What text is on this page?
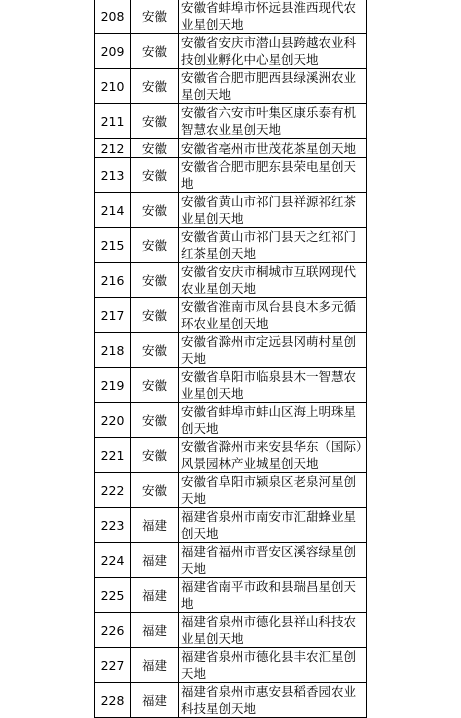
208	安徽	安徽省蚌埠市怀远县淮西现代农业星创天地
209	安徽	安徽省安庆市潜山县跨越农业科技创业孵化中心星创天地
210	安徽	安徽省合肥市肥西县绿溪洲农业星创天地
211	安徽	安徽省六安市叶集区康乐泰有机智慧农业星创天地
212	安徽	安徽省亳州市世茂花茶星创天地
213	安徽	安徽省合肥市肥东县荣电星创天地
214	安徽	安徽省黄山市祁门县祥源祁红茶业星创天地
215	安徽	安徽省黄山市祁门县天之红祁门红茶星创天地
216	安徽	安徽省安庆市桐城市互联网现代农业星创天地
217	安徽	安徽省淮南市凤台县良木多元循环农业星创天地
218	安徽	安徽省滁州市定远县冈萌村星创天地
219	安徽	安徽省阜阳市临泉县木一智慧农业星创天地
220	安徽	安徽省蚌埠市蚌山区海上明珠星创天地
221	安徽	安徽省滁州市来安县华东（国际）风景园林产业城星创天地
222	安徽	安徽省阜阳市颍泉区老泉河星创天地
223	福建	福建省泉州市南安市汇甜蜂业星创天地
224	福建	福建省福州市晋安区溪容绿星创天地
225	福建	福建省南平市政和县瑞昌星创天地
226	福建	福建省泉州市德化县祥山科技农业星创天地
227	福建	福建省泉州市德化县丰农汇星创天地
228	福建	福建省泉州市惠安县稻香园农业科技星创天地
